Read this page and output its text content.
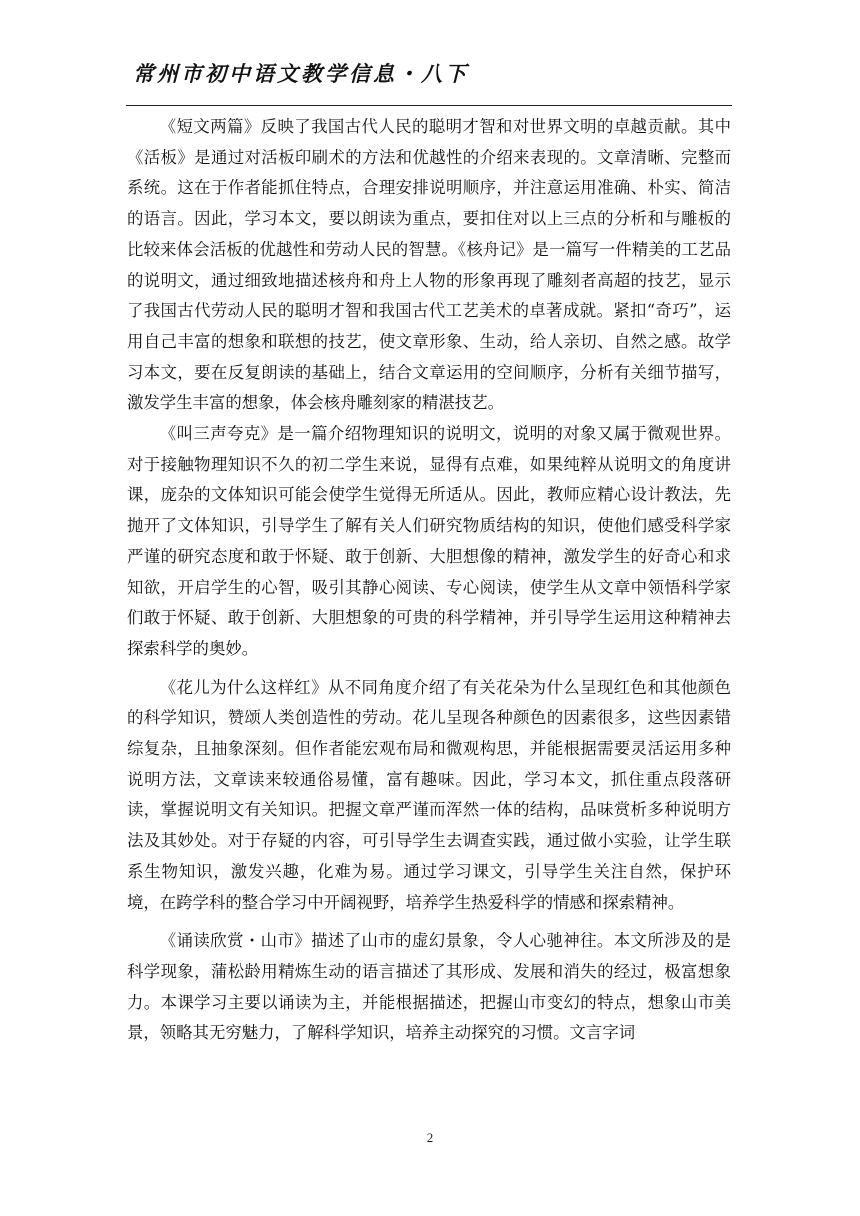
常州市初中语文教学信息・八下

《短文两篇》反映了我国古代人民的聪明才智和对世界文明的卓越贡献。其中《活板》是通过对活板印刷术的方法和优越性的介绍来表现的。文章清晰、完整而系统。这在于作者能抓住特点，合理安排说明顺序，并注意运用准确、朴实、简洁的语言。因此，学习本文，要以朗读为重点，要扣住对以上三点的分析和与雕板的比较来体会活板的优越性和劳动人民的智慧。《核舟记》是一篇写一件精美的工艺品的说明文，通过细致地描述核舟和舟上人物的形象再现了雕刻者高超的技艺，显示了我国古代劳动人民的聪明才智和我国古代工艺美术的卓著成就。紧扣“奇巧”，运用自己丰富的想象和联想的技艺，使文章形象、生动，给人亲切、自然之感。故学习本文，要在反复朗读的基础上，结合文章运用的空间顺序，分析有关细节描写，激发学生丰富的想象，体会核舟雕刻家的精湛技艺。

《叫三声夸克》是一篇介绍物理知识的说明文，说明的对象又属于微观世界。对于接触物理知识不久的初二学生来说，显得有点难，如果纯粹从说明文的角度讲课，庞杂的文体知识可能会使学生觉得无所适从。因此，教师应精心设计教法，先抛开了文体知识，引导学生了解有关人们研究物质结构的知识，使他们感受科学家严谨的研究态度和敢于怀疑、敢于创新、大胆想像的精神，激发学生的好奇心和求知欲，开启学生的心智，吸引其静心阅读、专心阅读，使学生从文章中领悟科学家们敢于怀疑、敢于创新、大胆想象的可贵的科学精神，并引导学生运用这种精神去探索科学的奥妙。

《花儿为什么这样红》从不同角度介绍了有关花朵为什么呈现红色和其他颜色的科学知识，赞颂人类创造性的劳动。花儿呈现各种颜色的因素很多，这些因素错综复杂，且抽象深刻。但作者能宏观布局和微观构思，并能根据需要灵活运用多种说明方法，文章读来较通俗易懂，富有趣味。因此，学习本文，抓住重点段落研读，掌握说明文有关知识。把握文章严谨而浑然一体的结构，品味赏析多种说明方法及其妙处。对于存疑的内容，可引导学生去调查实践，通过做小实验，让学生联系生物知识，激发兴趣，化难为易。通过学习课文，引导学生关注自然，保护环境，在跨学科的整合学习中开阔视野，培养学生热爱科学的情感和探索精神。

《诵读欣赏・山市》描述了山市的虚幻景象，令人心驰神往。本文所涉及的是科学现象，蒲松龄用精炼生动的语言描述了其形成、发展和消失的经过，极富想象力。本课学习主要以诵读为主，并能根据描述，把握山市变幻的特点，想象山市美景，领略其无穷魅力，了解科学知识，培养主动探究的习惯。文言字词

2
